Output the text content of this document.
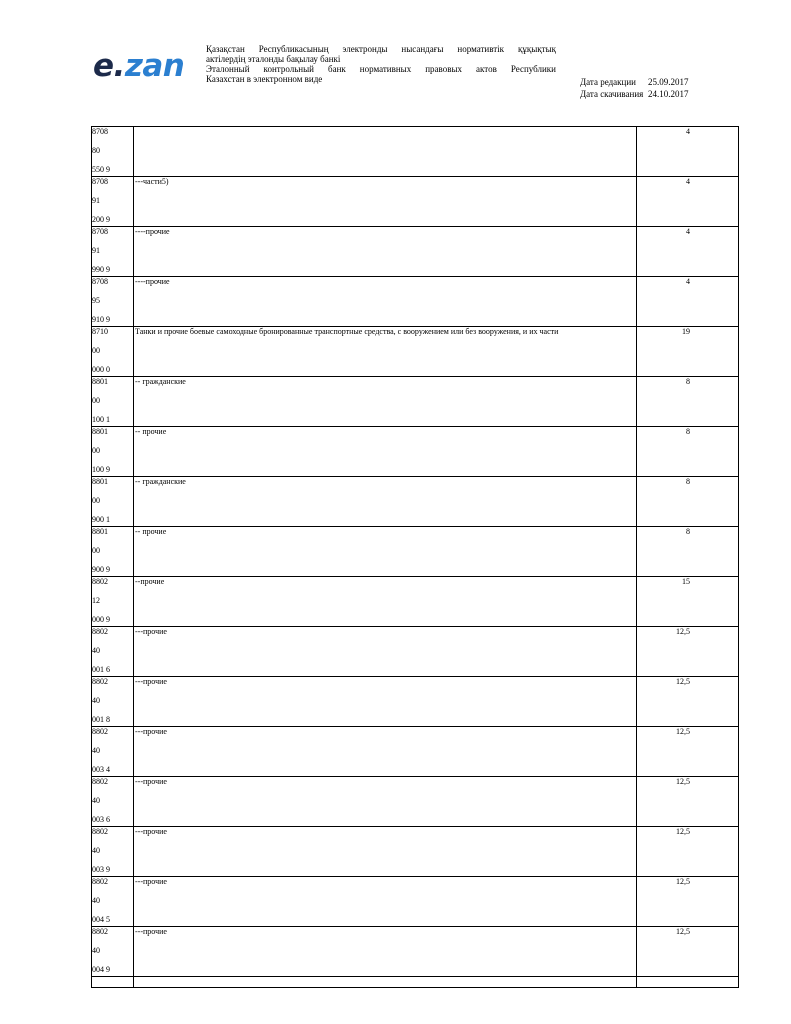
e.zan	Қазақстан Республикасының электронды нысандағы нормативтік құқықтық
актілердің эталонды бақылау банкі
Эталонный контрольный банк нормативных правовых актов Республики
Казахстан в электронном виде	Дата редакции	25.09.2017
Дата скачивания 24.10.2017
8708
80
550 9		4

8708
91
200 9	---части5)	4

8708
91
990 9	----прочие	4

8708
95
910 9	----прочие	4

8710
00
000 0	Танки и прочие боевые самоходные бронированные транспортные средства, с вооружением или без вооружения, и их части	19

8801
00
100 1	-- гражданские	8

8801
00
100 9	-- прочие	8

8801
00
900 1	-- гражданские	8

8801
00
900 9	-- прочие	8

8802
12
000 9	--прочие	15

8802
40
001 6	---прочие	12,5

8802
40
001 8	---прочие	12,5

8802
40
003 4	---прочие	12,5

8802
40
003 6	---прочие	12,5

8802
40
003 9	---прочие	12,5

8802
40
004 5	---прочие	12,5

8802
40
004 9	---прочие	12,5
